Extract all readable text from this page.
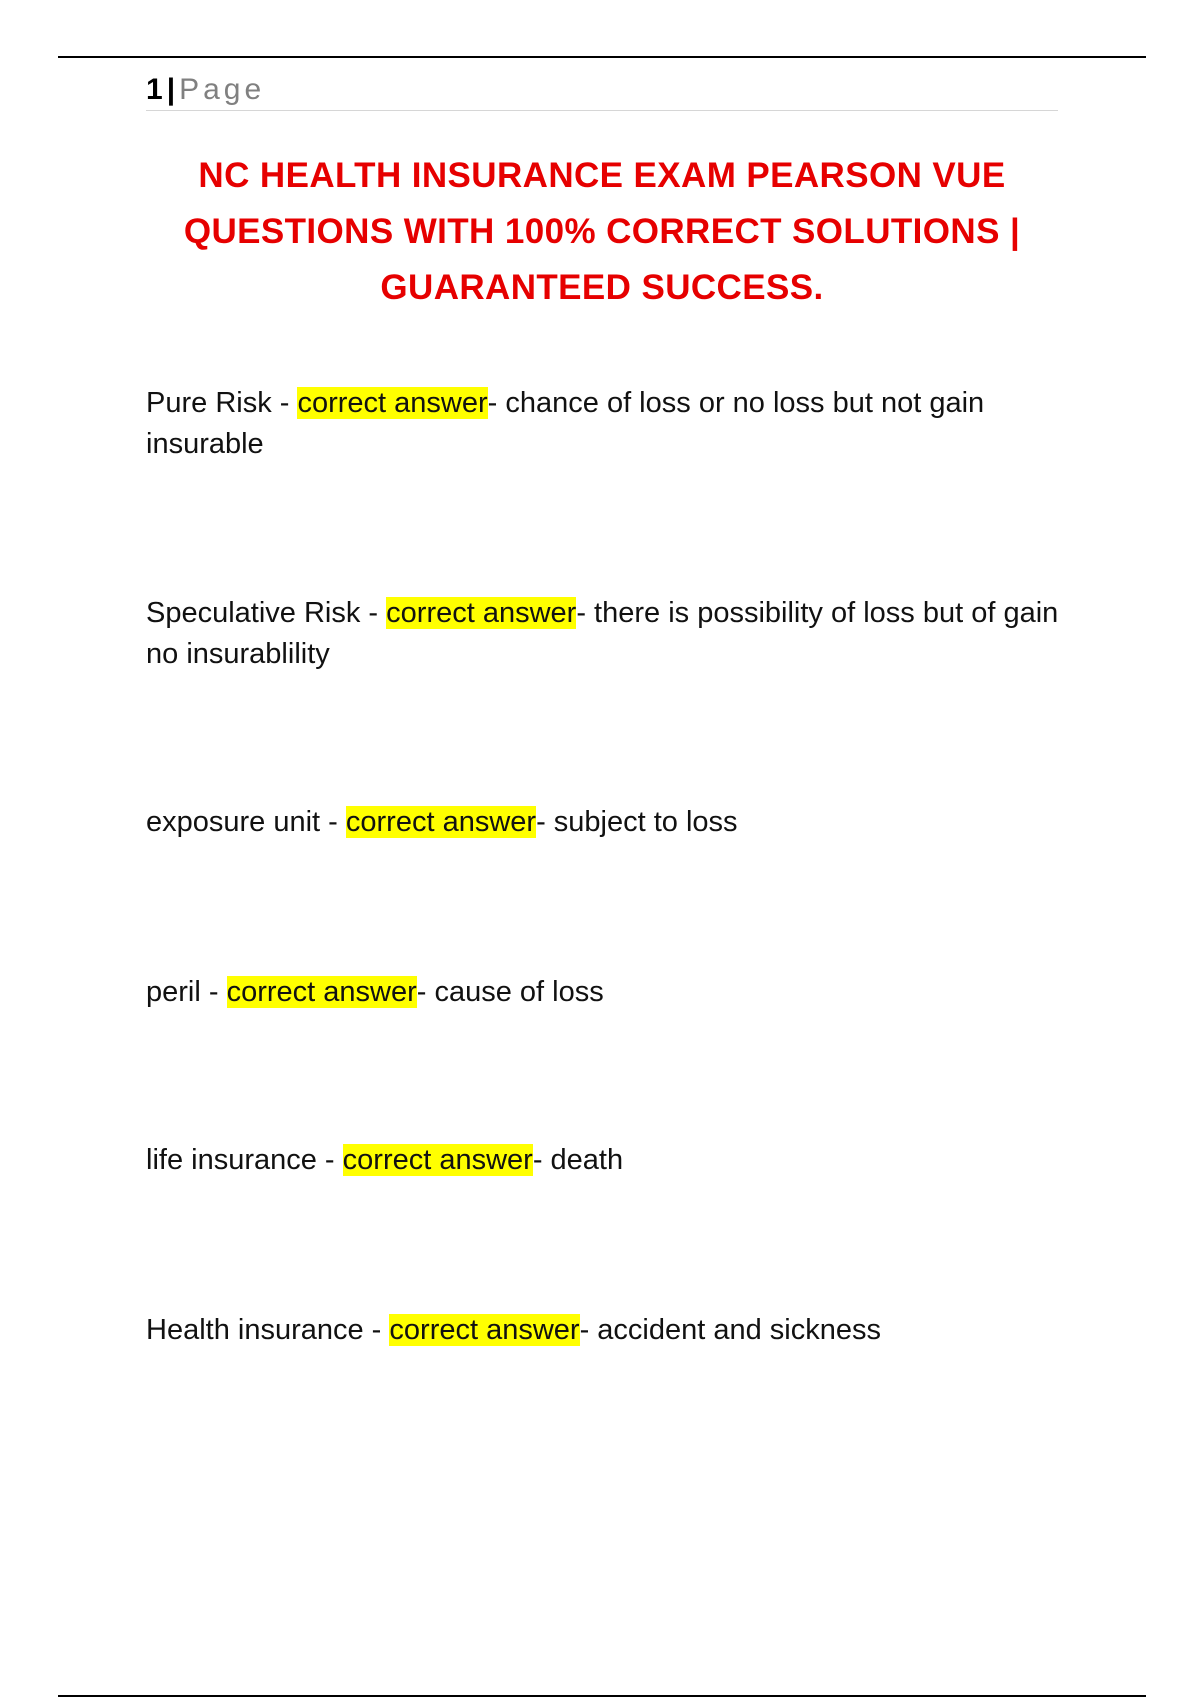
1 | Page
NC HEALTH INSURANCE EXAM PEARSON VUE QUESTIONS WITH 100% CORRECT SOLUTIONS | GUARANTEED SUCCESS.

Pure Risk - correct answer- chance of loss or no loss but not gain insurable

Speculative Risk - correct answer- there is possibility of loss but of gain no insurablility

exposure unit - correct answer- subject to loss

peril - correct answer- cause of loss

life insurance - correct answer- death

Health insurance - correct answer- accident and sickness
